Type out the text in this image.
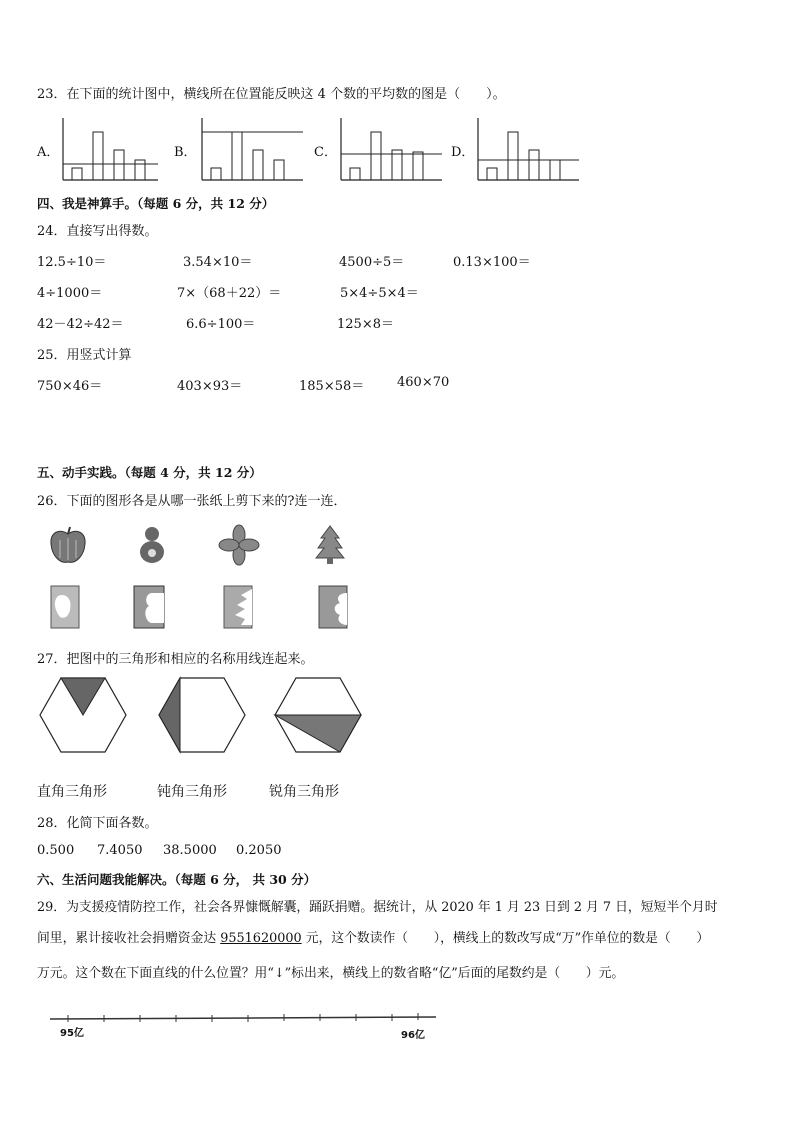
23．在下面的统计图中，横线所在位置能反映这 4 个数的平均数的图是（　　）。
A．	B．	C．	D．
四、我是神算手。（每题 6 分，共 12 分）
24．直接写出得数。
12.5÷10＝	3.54×10＝	4500÷5＝	0.13×100＝
4÷1000＝	7×（68＋22）＝	5×4÷5×4＝
42－42÷42＝	6.6÷100＝	125×8＝
25．用竖式计算
750×46＝	403×93＝	185×58＝	460×70
五、动手实践。（每题 4 分，共 12 分）
26．下面的图形各是从哪一张纸上剪下来的?连一连．
27．把图中的三角形和相应的名称用线连起来。
直角三角形	钝角三角形	锐角三角形
28．化简下面各数。
0.500 7.4050 38.5000 0.2050
六、生活问题我能解决。（每题 6 分， 共 30 分）
29．为支援疫情防控工作，社会各界慷慨解囊，踊跃捐赠。据统计，从 2020 年 1 月 23 日到 2 月 7 日，短短半个月时
间里，累计接收社会捐赠资金达 9551620000 元，这个数读作（　　），横线上的数改写成“万”作单位的数是（　　）
万元。这个数在下面直线的什么位置？用“↓”标出来，横线上的数省略“亿”后面的尾数约是（　　）元。
95亿	96亿
